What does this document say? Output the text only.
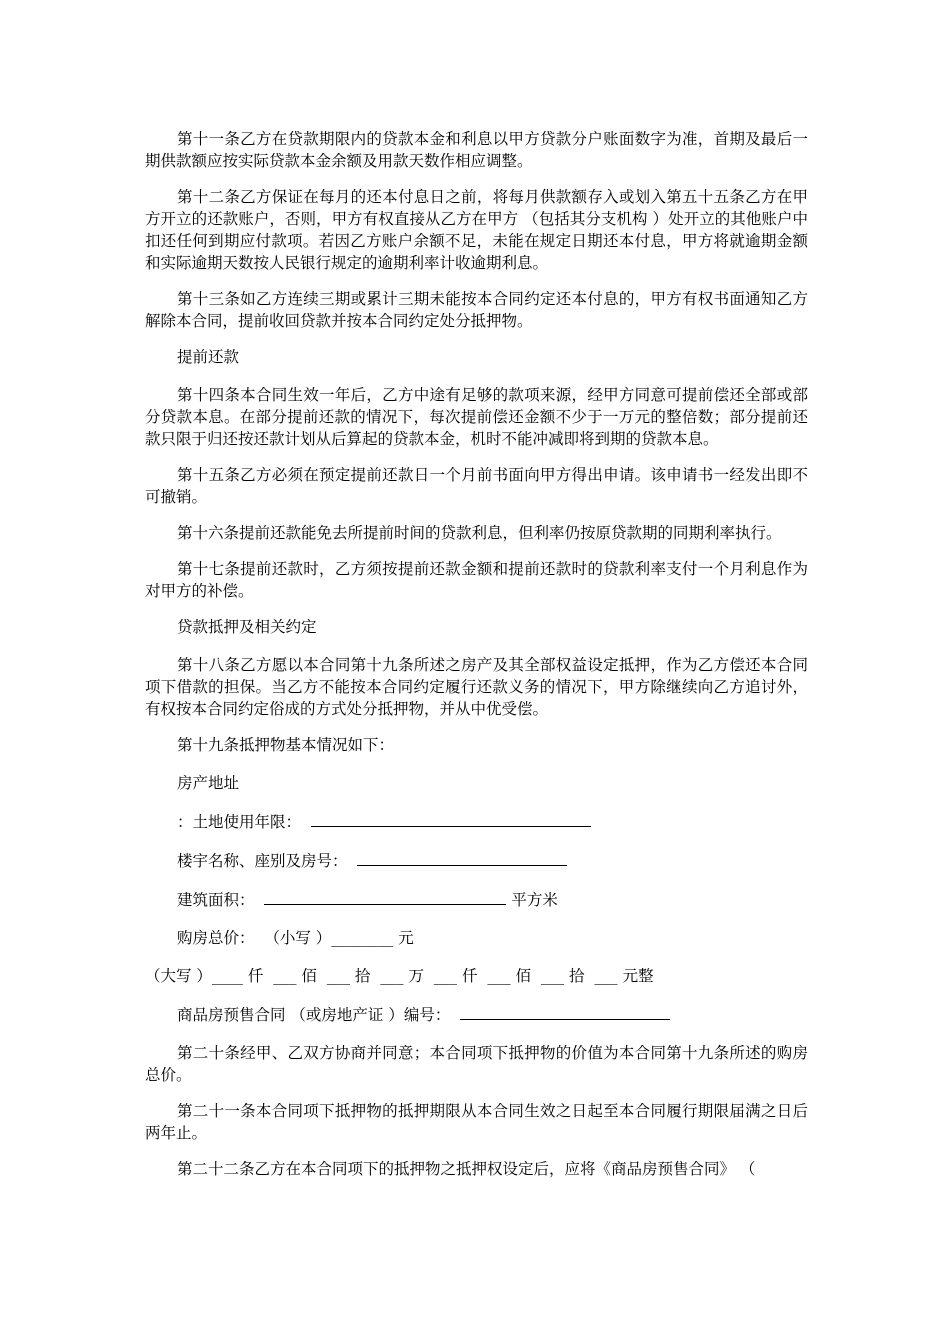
第十一条乙方在贷款期限内的贷款本金和利息以甲方贷款分户账面数字为准，首期及最后一期供款额应按实际贷款本金余额及用款天数作相应调整。

第十二条乙方保证在每月的还本付息日之前，将每月供款额存入或划入第五十五条乙方在甲方开立的还款账户，否则，甲方有权直接从乙方在甲方 （包括其分支机构 ）处开立的其他账户中扣还任何到期应付款项。若因乙方账户余额不足，未能在规定日期还本付息，甲方将就逾期金额和实际逾期天数按人民银行规定的逾期利率计收逾期利息。

第十三条如乙方连续三期或累计三期未能按本合同约定还本付息的，甲方有权书面通知乙方解除本合同，提前收回贷款并按本合同约定处分抵押物。

提前还款

第十四条本合同生效一年后，乙方中途有足够的款项来源，经甲方同意可提前偿还全部或部分贷款本息。在部分提前还款的情况下，每次提前偿还金额不少于一万元的整倍数；部分提前还款只限于归还按还款计划从后算起的贷款本金，机时不能冲减即将到期的贷款本息。

第十五条乙方必须在预定提前还款日一个月前书面向甲方得出申请。该申请书一经发出即不可撤销。

第十六条提前还款能免去所提前时间的贷款利息，但利率仍按原贷款期的同期利率执行。

第十七条提前还款时，乙方须按提前还款金额和提前还款时的贷款利率支付一个月利息作为对甲方的补偿。

贷款抵押及相关约定

第十八条乙方愿以本合同第十九条所述之房产及其全部权益设定抵押，作为乙方偿还本合同项下借款的担保。当乙方不能按本合同约定履行还款义务的情况下，甲方除继续向乙方追讨外，有权按本合同约定俗成的方式处分抵押物，并从中优受偿。

第十九条抵押物基本情况如下：

房产地址

：土地使用年限：

楼宇名称、座别及房号：

建筑面积：	平方米

购房总价：  （小写 ）________ 元

（大写 ）____ 仟  ___ 佰  ___ 拾  ___ 万  ___ 仟  ___ 佰  ___ 拾  ___ 元整

商品房预售合同 （或房地产证 ）编号：

第二十条经甲、乙双方协商并同意；本合同项下抵押物的价值为本合同第十九条所述的购房总价。

第二十一条本合同项下抵押物的抵押期限从本合同生效之日起至本合同履行期限届满之日后两年止。

第二十二条乙方在本合同项下的抵押物之抵押权设定后，应将《商品房预售合同》 （
